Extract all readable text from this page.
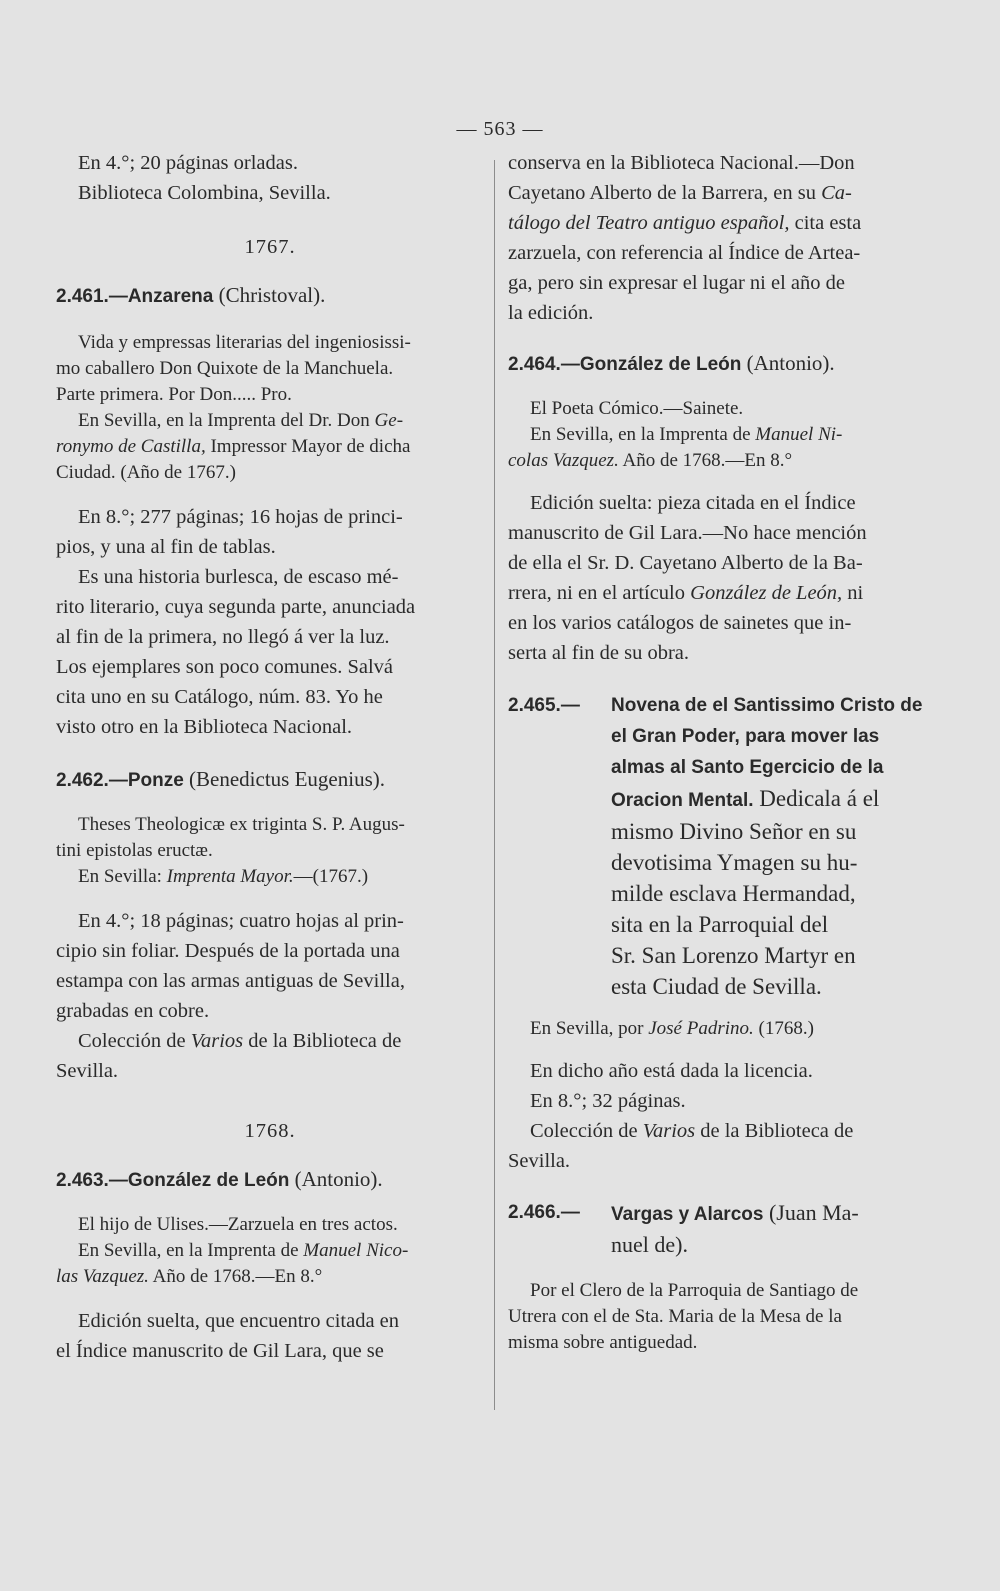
— 563 —

En 4.°; 20 páginas orladas.

Biblioteca Colombina, Sevilla.

1767.

2.461.—Anzarena (Christoval).

Vida y empressas literarias del ingeniosissi-

mo caballero Don Quixote de la Manchuela.

Parte primera. Por Don..... Pro.

En Sevilla, en la Imprenta del Dr. Don Ge-

ronymo de Castilla, Impressor Mayor de dicha

Ciudad. (Año de 1767.)

En 8.°; 277 páginas; 16 hojas de princi-

pios, y una al fin de tablas.

Es una historia burlesca, de escaso mé-

rito literario, cuya segunda parte, anunciada

al fin de la primera, no llegó á ver la luz.

Los ejemplares son poco comunes. Salvá

cita uno en su Catálogo, núm. 83. Yo he

visto otro en la Biblioteca Nacional.

2.462.—Ponze (Benedictus Eugenius).

Theses Theologicæ ex triginta S. P. Augus-

tini epistolas eructæ.

En Sevilla: Imprenta Mayor.—(1767.)

En 4.°; 18 páginas; cuatro hojas al prin-

cipio sin foliar. Después de la portada una

estampa con las armas antiguas de Sevilla,

grabadas en cobre.

Colección de Varios de la Biblioteca de

Sevilla.

1768.

2.463.—González de León (Antonio).

El hijo de Ulises.—Zarzuela en tres actos.

En Sevilla, en la Imprenta de Manuel Nico-

las Vazquez. Año de 1768.—En 8.°

Edición suelta, que encuentro citada en

el Índice manuscrito de Gil Lara, que se

conserva en la Biblioteca Nacional.—Don

Cayetano Alberto de la Barrera, en su Ca-

tálogo del Teatro antiguo español, cita esta

zarzuela, con referencia al Índice de Artea-

ga, pero sin expresar el lugar ni el año de

la edición.

2.464.—González de León (Antonio).

El Poeta Cómico.—Sainete.

En Sevilla, en la Imprenta de Manuel Ni-

colas Vazquez. Año de 1768.—En 8.°

Edición suelta: pieza citada en el Índice

manuscrito de Gil Lara.—No hace mención

de ella el Sr. D. Cayetano Alberto de la Ba-

rrera, ni en el artículo González de León, ni

en los varios catálogos de sainetes que in-

serta al fin de su obra.

2.465.— Novena de el Santissimo Cristo de

el Gran Poder, para mover las

almas al Santo Egercicio de la

Oracion Mental. Dedicala á el

mismo Divino Señor en su

devotisima Ymagen su hu-

milde esclava Hermandad,

sita en la Parroquial del

Sr. San Lorenzo Martyr en

esta Ciudad de Sevilla.

En Sevilla, por José Padrino. (1768.)

En dicho año está dada la licencia.

En 8.°; 32 páginas.

Colección de Varios de la Biblioteca de

Sevilla.

2.466.— Vargas y Alarcos (Juan Ma-

nuel de).

Por el Clero de la Parroquia de Santiago de

Utrera con el de Sta. Maria de la Mesa de la

misma sobre antiguedad.
